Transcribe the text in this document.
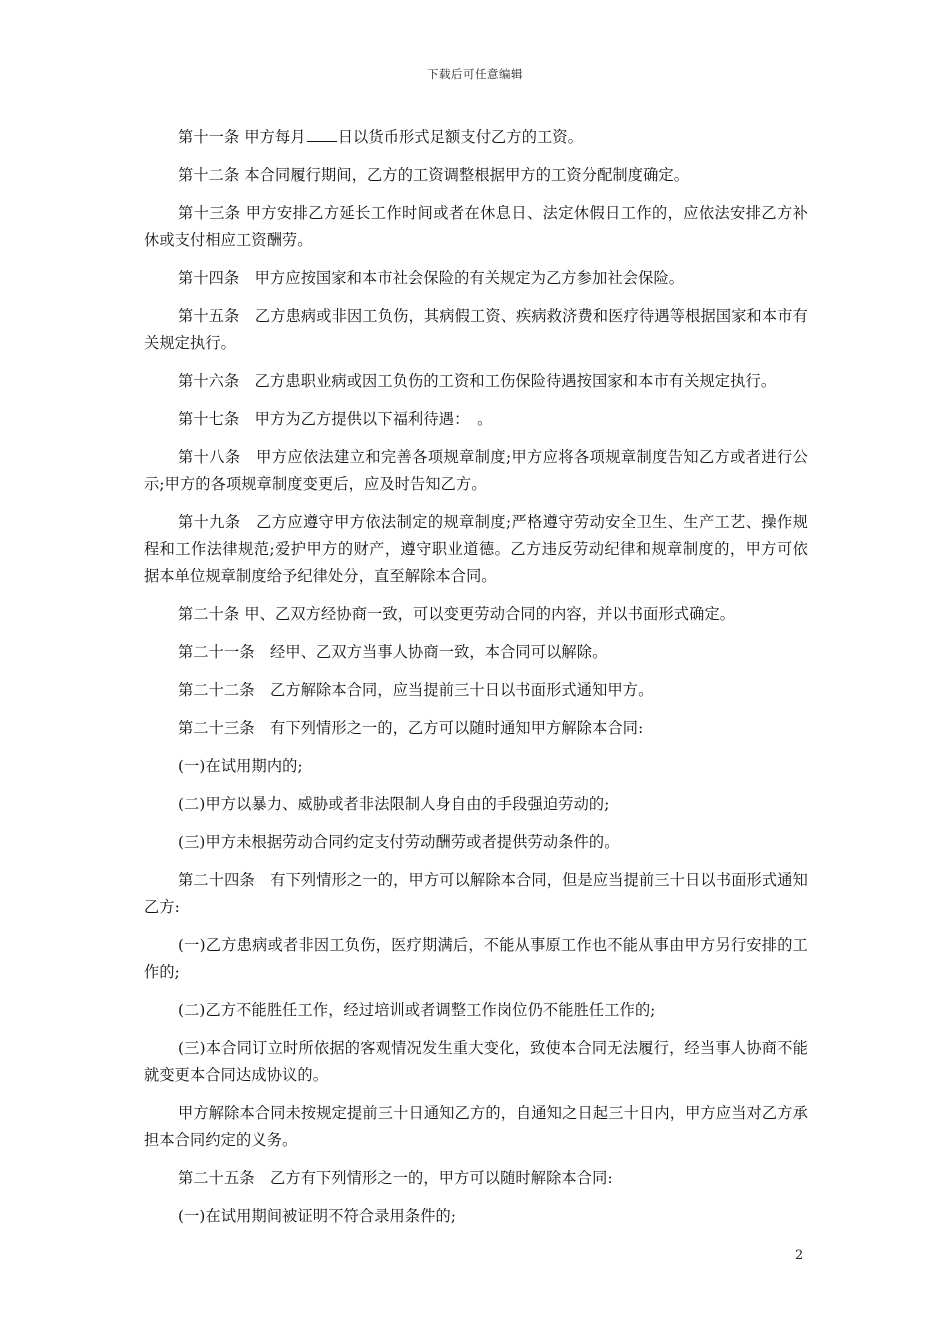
下载后可任意编辑

第十一条 甲方每月 日以货币形式足额支付乙方的工资。

第十二条 本合同履行期间，乙方的工资调整根据甲方的工资分配制度确定。

第十三条 甲方安排乙方延长工作时间或者在休息日、法定休假日工作的，应依法安排乙方补休或支付相应工资酬劳。

第十四条　甲方应按国家和本市社会保险的有关规定为乙方参加社会保险。

第十五条　乙方患病或非因工负伤，其病假工资、疾病救济费和医疗待遇等根据国家和本市有关规定执行。

第十六条　乙方患职业病或因工负伤的工资和工伤保险待遇按国家和本市有关规定执行。

第十七条　甲方为乙方提供以下福利待遇：　。

第十八条　甲方应依法建立和完善各项规章制度;甲方应将各项规章制度告知乙方或者进行公示;甲方的各项规章制度变更后，应及时告知乙方。

第十九条　乙方应遵守甲方依法制定的规章制度;严格遵守劳动安全卫生、生产工艺、操作规程和工作法律规范;爱护甲方的财产，遵守职业道德。乙方违反劳动纪律和规章制度的，甲方可依据本单位规章制度给予纪律处分，直至解除本合同。

第二十条 甲、乙双方经协商一致，可以变更劳动合同的内容，并以书面形式确定。

第二十一条　经甲、乙双方当事人协商一致，本合同可以解除。

第二十二条　乙方解除本合同，应当提前三十日以书面形式通知甲方。

第二十三条　有下列情形之一的，乙方可以随时通知甲方解除本合同:

(一)在试用期内的;

(二)甲方以暴力、威胁或者非法限制人身自由的手段强迫劳动的;

(三)甲方未根据劳动合同约定支付劳动酬劳或者提供劳动条件的。

第二十四条　有下列情形之一的，甲方可以解除本合同，但是应当提前三十日以书面形式通知乙方:

(一)乙方患病或者非因工负伤，医疗期满后，不能从事原工作也不能从事由甲方另行安排的工作的;

(二)乙方不能胜任工作，经过培训或者调整工作岗位仍不能胜任工作的;

(三)本合同订立时所依据的客观情况发生重大变化，致使本合同无法履行，经当事人协商不能就变更本合同达成协议的。

甲方解除本合同未按规定提前三十日通知乙方的，自通知之日起三十日内，甲方应当对乙方承担本合同约定的义务。

第二十五条　乙方有下列情形之一的，甲方可以随时解除本合同:

(一)在试用期间被证明不符合录用条件的;

2
